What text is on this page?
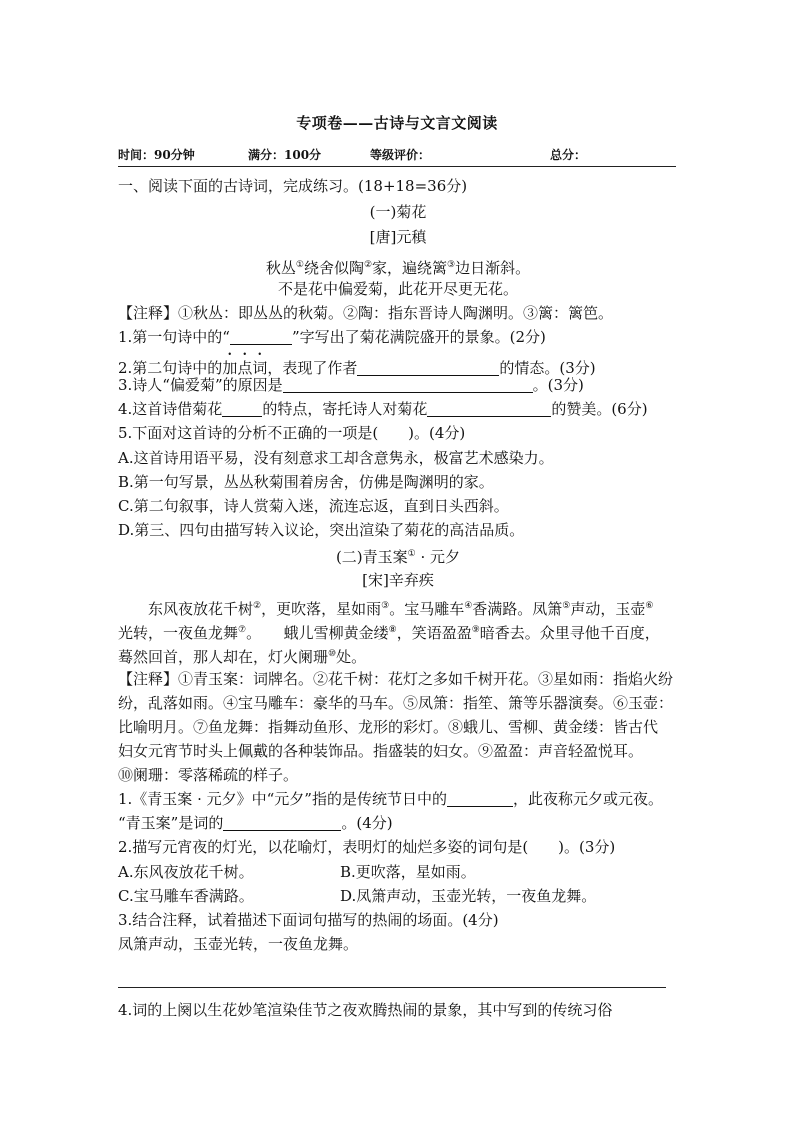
专项卷——古诗与文言文阅读
时间：90分钟	满分：100分	等级评价：	总分：
一、阅读下面的古诗词，完成练习。(18+18=36分)
(一)菊花
[唐]元稹
秋丛①绕舍似陶②家，遍绕篱③边日渐斜。
不是花中偏爱菊，此花开尽更无花。
【注释】①秋丛：即丛丛的秋菊。②陶：指东晋诗人陶渊明。③篱：篱笆。
1.第一句诗中的“	”字写出了菊花满院盛开的景象。(2分)
2.第二句诗中的加点词，表现了作者	的情态。(3分)
3.诗人“偏爱菊”的原因是	。(3分)
4.这首诗借菊花	的特点，寄托诗人对菊花	的赞美。(6分)
5.下面对这首诗的分析不正确的一项是(　　)。(4分)
A.这首诗用语平易，没有刻意求工却含意隽永，极富艺术感染力。
B.第一句写景，丛丛秋菊围着房舍，仿佛是陶渊明的家。
C.第二句叙事，诗人赏菊入迷，流连忘返，直到日头西斜。
D.第三、四句由描写转入议论，突出渲染了菊花的高洁品质。
(二)青玉案① · 元夕
[宋]辛弃疾
东风夜放花千树②，更吹落，星如雨③。宝马雕车④香满路。凤箫⑤声动，玉壶⑥
光转，一夜鱼龙舞⑦。　　蛾儿雪柳黄金缕⑧，笑语盈盈⑨暗香去。众里寻他千百度，
蓦然回首，那人却在，灯火阑珊⑩处。
【注释】①青玉案：词牌名。②花千树：花灯之多如千树开花。③星如雨：指焰火纷
纷，乱落如雨。④宝马雕车：豪华的马车。⑤凤箫：指笙、箫等乐器演奏。⑥玉壶：
比喻明月。⑦鱼龙舞：指舞动鱼形、龙形的彩灯。⑧蛾儿、雪柳、黄金缕：皆古代
妇女元宵节时头上佩戴的各种装饰品。指盛装的妇女。⑨盈盈：声音轻盈悦耳。
⑩阑珊：零落稀疏的样子。
1.《青玉案 · 元夕》中“元夕”指的是传统节日中的	，此夜称元夕或元夜。
“青玉案”是词的	。(4分)
2.描写元宵夜的灯光，以花喻灯，表明灯的灿烂多姿的词句是(　　)。(3分)
A.东风夜放花千树。	B.更吹落，星如雨。
C.宝马雕车香满路。	D.凤箫声动，玉壶光转，一夜鱼龙舞。
3.结合注释，试着描述下面词句描写的热闹的场面。(4分)
凤箫声动，玉壶光转，一夜鱼龙舞。
4.词的上阕以生花妙笔渲染佳节之夜欢腾热闹的景象，其中写到的传统习俗
